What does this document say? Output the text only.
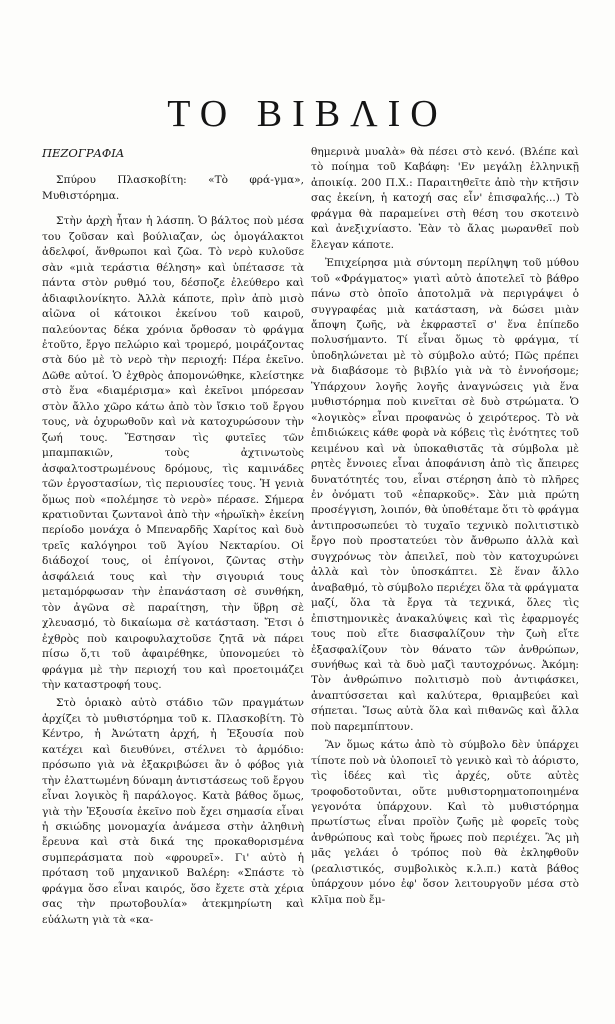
ΤΟ ΒΙΒΛΙΟ

ΠΕΖΟΓΡΑΦΙΑ

Σπύρου Πλασκοβίτη: «Τὸ φρά-γμα», Μυθιστόρημα.

Στὴν ἀρχὴ ἦταν ἡ λάσπη. Ὁ βάλτος ποὺ μέσα του ζοῦσαν καὶ βούλιαζαν, ὡς ὁμογάλακτοι ἀδελφοί, ἄνθρωποι καὶ ζῶα. Τὸ νερὸ κυλοῦσε σὰν «μιὰ τεράστια θέληση» καὶ ὑπέτασσε τὰ πάντα στὸν ρυθμό του, δέσποζε ἐλεύθερο καὶ ἀδιαφιλονίκητο. Ἀλλὰ κάποτε, πρὶν ἀπὸ μισὸ αἰῶνα οἱ κάτοικοι ἐκείνου τοῦ καιροῦ, παλεύοντας δέκα χρόνια ὄρθοσαν τὸ φράγμα ἐτοῦτο, ἔργο πελώριο καὶ τρομερό, μοιράζοντας στὰ δύο μὲ τὸ νερὸ τὴν περιοχή: Πέρα ἐκεῖνο. Δῶθε αὐτοί. Ὁ ἐχθρὸς ἀπομονώθηκε, κλείστηκε στὸ ἕνα «διαμέρισμα» καὶ ἐκεῖνοι μπόρεσαν στὸν ἄλλο χῶρο κάτω ἀπὸ τὸν ἴσκιο τοῦ ἔργου τους, νὰ ὀχυρωθοῦν καὶ νὰ κατοχυρώσουν τὴν ζωή τους. Ἔστησαν τὶς φυτεῖες τῶν μπαμπακιῶν, τοὺς ἀχτινωτοὺς ἀσφαλτοστρωμένους δρόμους, τὶς καμινάδες τῶν ἐργοστασίων, τὶς περιουσίες τους. Ἡ γενιὰ ὅμως ποὺ «πολέμησε τὸ νερὸ» πέρασε. Σήμερα κρατιοῦνται ζωντανοὶ ἀπὸ τὴν «ἡρωϊκὴ» ἐκείνη περίοδο μονάχα ὁ Μπεναρδῆς Χαρίτος καὶ δυὸ τρεῖς καλόγηροι τοῦ Ἁγίου Νεκταρίου. Οἱ διάδοχοί τους, οἱ ἐπίγονοι, ζῶντας στὴν ἀσφάλειά τους καὶ τὴν σιγουριά τους μεταμόρφωσαν τὴν ἐπανάσταση σὲ συνθήκη, τὸν ἀγῶνα σὲ παραίτηση, τὴν ὕβρη σὲ χλευασμό, τὸ δικαίωμα σὲ κατάσταση. Ἔτσι ὁ ἐχθρὸς ποὺ καιροφυλαχτοῦσε ζητᾶ νὰ πάρει πίσω ὅ,τι τοῦ ἀφαιρέθηκε, ὑπονομεύει τὸ φράγμα μὲ τὴν περιοχή του καὶ προετοιμάζει τὴν καταστροφή τους.

Στὸ ὁριακὸ αὐτὸ στάδιο τῶν πραγμάτων ἀρχίζει τὸ μυθιστόρημα τοῦ κ. Πλασκοβίτη. Τὸ Κέντρο, ἡ Ἀνώτατη ἀρχή, ἡ Ἐξουσία ποὺ κατέχει καὶ διευθύνει, στέλνει τὸ ἁρμόδιο: πρόσωπο γιὰ νὰ ἐξακριβώσει ἂν ὁ φόβος γιὰ τὴν ἐλαττωμένη δύναμη ἀντιστάσεως τοῦ ἔργου εἶναι λογικὸς ἢ παράλογος. Κατὰ βάθος ὅμως, γιὰ τὴν Ἐξουσία ἐκεῖνο ποὺ ἔχει σημασία εἶναι ἡ σκιώδης μονομαχία ἀνάμεσα στὴν ἀληθινὴ ἔρευνα καὶ στὰ δικά της προκαθορισμένα συμπεράσματα ποὺ «φρουρεῖ». Γι' αὐτὸ ἡ πρόταση τοῦ μηχανικοῦ Βαλέρη: «Σπάστε τὸ φράγμα ὅσο εἶναι καιρός, ὅσο ἔχετε στὰ χέρια σας τὴν πρωτοβουλία» ἀτεκμηρίωτη καὶ εὐάλωτη γιὰ τὰ «κα-

θημερινὰ μυαλὰ» θὰ πέσει στὸ κενό. (Βλέπε καὶ τὸ ποίημα τοῦ Καβάφη: 'Εν μεγάλῃ ἑλληνικῇ ἀποικίᾳ. 200 Π.Χ.: Παραιτηθεῖτε ἀπὸ τὴν κτῆσιν σας ἐκείνη, ἡ κατοχή σας εἶν' ἐπισφαλής...) Τὸ φράγμα θὰ παραμείνει στὴ θέση του σκοτεινὸ καὶ ἀνεξιχνίαστο. Ἐὰν τὸ ἄλας μωρανθεῖ ποὺ ἔλεγαν κάποτε.

Ἐπιχείρησα μιὰ σύντομη περίληψη τοῦ μύθου τοῦ «Φράγματος» γιατὶ αὐτὸ ἀποτελεῖ τὸ βάθρο πάνω στὸ ὁποῖο ἀποτολμᾶ νὰ περιγράψει ὁ συγγραφέας μιὰ κατάσταση, νὰ δώσει μιὰν ἄποψη ζωῆς, νὰ ἐκφραστεῖ σ' ἕνα ἐπίπεδο πολυσήμαντο. Τί εἶναι ὅμως τὸ φράγμα, τί ὑποδηλώνεται μὲ τὸ σύμβολο αὐτό; Πῶς πρέπει νὰ διαβάσομε τὸ βιβλίο γιὰ νὰ τὸ ἐννοήσομε; Ὑπάρχουν λογῆς λογῆς ἀναγνώσεις γιὰ ἕνα μυθιστόρημα ποὺ κινεῖται σὲ δυὸ στρώματα. Ὁ «λογικὸς» εἶναι προφανὼς ὁ χειρότερος. Τὸ νὰ ἐπιδιώκεις κάθε φορὰ νὰ κόβεις τὶς ἑνότητες τοῦ κειμένου καὶ νὰ ὑποκαθιστᾶς τὰ σύμβολα μὲ ρητὲς ἔννοιες εἶναι ἀποφάνιση ἀπὸ τὶς ἄπειρες δυνατότητές του, εἶναι στέρηση ἀπὸ τὸ πλῆρες ἐν ὀνόματι τοῦ «ἐπαρκοῦς». Σὰν μιὰ πρώτη προσέγγιση, λοιπόν, θὰ ὑποθέταμε ὅτι τὸ φράγμα ἀντιπροσωπεύει τὸ τυχαῖο τεχνικὸ πολιτιστικὸ ἔργο ποὺ προστατεύει τὸν ἄνθρωπο ἀλλὰ καὶ συγχρόνως τὸν ἀπειλεῖ, ποὺ τὸν κατοχυρώνει ἀλλὰ καὶ τὸν ὑποσκάπτει. Σὲ ἕναν ἄλλο ἀναβαθμό, τὸ σύμβολο περιέχει ὅλα τὰ φράγματα μαζί, ὅλα τὰ ἔργα τὰ τεχνικά, ὅλες τὶς ἐπιστημονικὲς ἀνακαλύψεις καὶ τὶς ἐφαρμογές τους ποὺ εἴτε διασφαλίζουν τὴν ζωὴ εἴτε ἐξασφαλίζουν τὸν θάνατο τῶν ἀνθρώπων, συνήθως καὶ τὰ δυὸ μαζὶ ταυτοχρόνως. Ἀκόμη: Τὸν ἀνθρώπινο πολιτισμὸ ποὺ ἀντιφάσκει, ἀναπτύσσεται καὶ καλύτερα, θριαμβεύει καὶ σήπεται. Ἴσως αὐτὰ ὅλα καὶ πιθανῶς καὶ ἄλλα ποὺ παρεμπίπτουν.

Ἂν ὅμως κάτω ἀπὸ τὸ σύμβολο δὲν ὑπάρχει τίποτε ποὺ νὰ ὑλοποιεῖ τὸ γενικὸ καὶ τὸ ἀόριστο, τὶς ἰδέες καὶ τὶς ἀρχές, οὔτε αὐτὲς τροφοδοτοῦνται, οὔτε μυθιστορηματοποιημένα γεγονότα ὑπάρχουν. Καὶ τὸ μυθιστόρημα πρωτίστως εἶναι προϊὸν ζωῆς μὲ φορεῖς τοὺς ἀνθρώπους καὶ τοὺς ἥρωες ποὺ περιέχει. Ἂς μὴ μᾶς γελάει ὁ τρόπος ποὺ θὰ ἐκληφθοῦν (ρεαλιστικός, συμβολικὸς κ.λ.π.) κατὰ βάθος ὑπάρχουν μόνο ἐφ' ὅσον λειτουργοῦν μέσα στὸ κλῖμα ποὺ ἔμ-
